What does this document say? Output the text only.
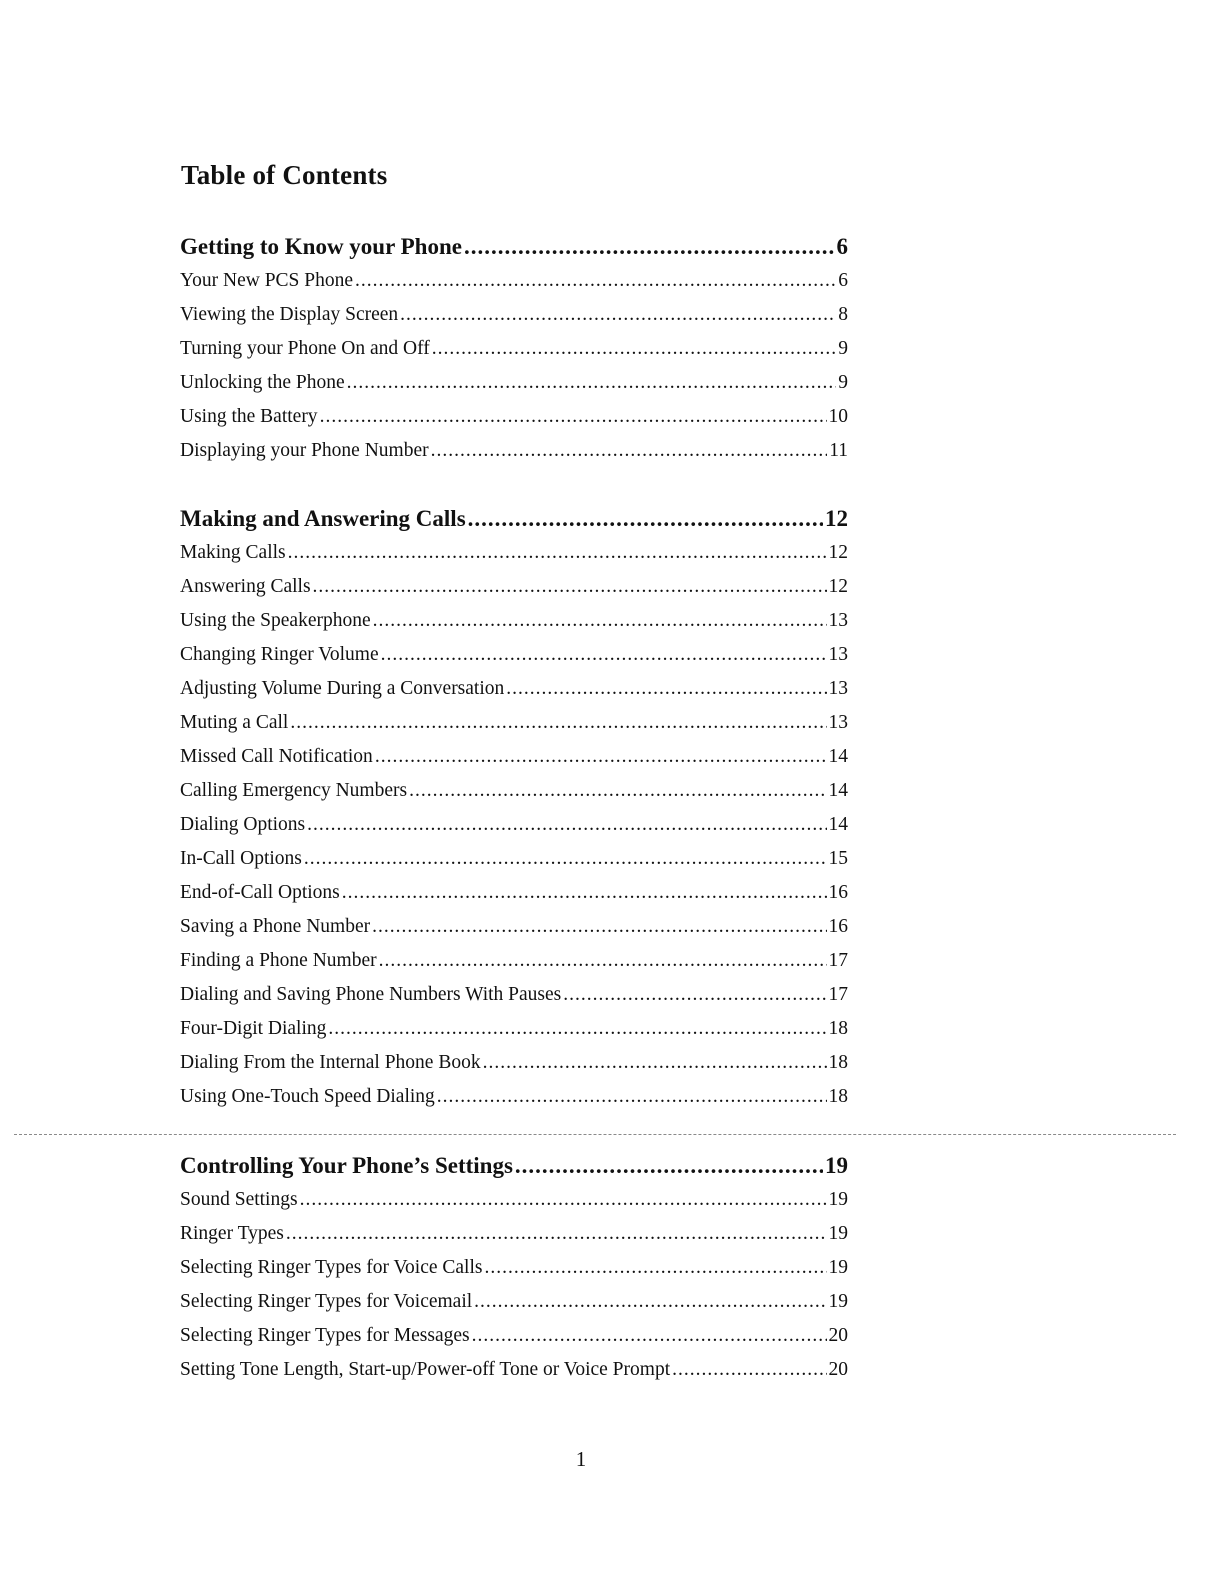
Table of Contents
Getting to Know your Phone .....	6
Your New PCS Phone .....	6
Viewing the Display Screen .....	8
Turning your Phone On and Off .....	9
Unlocking the Phone .....	9
Using the Battery .....	10
Displaying your Phone Number .....	11
Making and Answering Calls .....	12
Making Calls .....	12
Answering Calls .....	12
Using the Speakerphone .....	13
Changing Ringer Volume .....	13
Adjusting Volume During a Conversation .....	13
Muting a Call .....	13
Missed Call Notification .....	14
Calling Emergency Numbers .....	14
Dialing Options .....	14
In-Call Options .....	15
End-of-Call Options .....	16
Saving a Phone Number .....	16
Finding a Phone Number .....	17
Dialing and Saving Phone Numbers With Pauses .....	17
Four-Digit Dialing .....	18
Dialing From the Internal Phone Book .....	18
Using One-Touch Speed Dialing .....	18
Controlling Your Phone’s Settings .....	19
Sound Settings .....	19
Ringer Types .....	19
Selecting Ringer Types for Voice Calls .....	19
Selecting Ringer Types for Voicemail .....	19
Selecting Ringer Types for Messages .....	20
Setting Tone Length, Start-up/Power-off Tone or Voice Prompt .....	20
1
